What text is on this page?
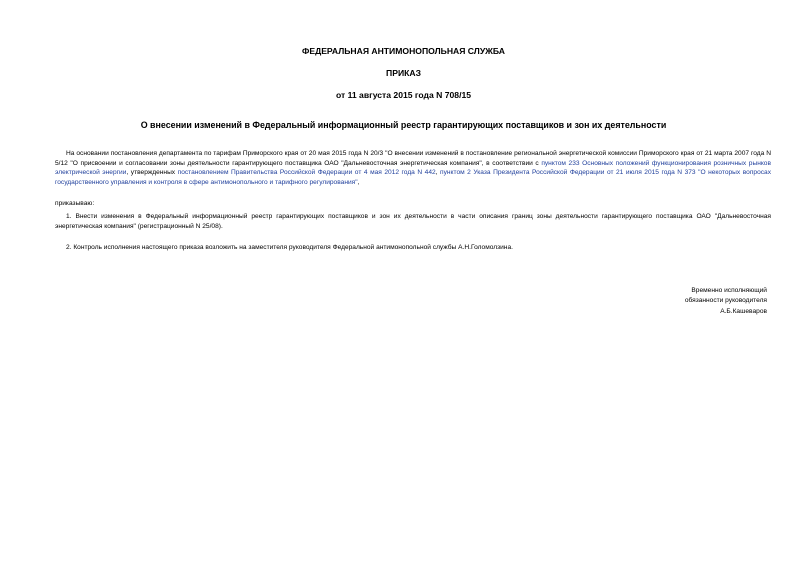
ФЕДЕРАЛЬНАЯ АНТИМОНОПОЛЬНАЯ СЛУЖБА
ПРИКАЗ
от 11 августа 2015 года N 708/15
О внесении изменений в Федеральный информационный реестр гарантирующих поставщиков и зон их деятельности
На основании постановления департамента по тарифам Приморского края от 20 мая 2015 года N 20/3 "О внесении изменений в постановление региональной энергетической комиссии Приморского края от 21 марта 2007 года N 5/12 "О присвоении и согласовании зоны деятельности гарантирующего поставщика ОАО "Дальневосточная энергетическая компания", в соответствии с пунктом 233 Основных положений функционирования розничных рынков электрической энергии, утвержденных постановлением Правительства Российской Федерации от 4 мая 2012 года N 442, пунктом 2 Указа Президента Российской Федерации от 21 июля 2015 года N 373 "О некоторых вопросах государственного управления и контроля в сфере антимонопольного и тарифного регулирования",
приказываю:
1. Внести изменения в Федеральный информационный реестр гарантирующих поставщиков и зон их деятельности в части описания границ зоны деятельности гарантирующего поставщика ОАО "Дальневосточная энергетическая компания" (регистрационный N 25/08).
2. Контроль исполнения настоящего приказа возложить на заместителя руководителя Федеральной антимонопольной службы А.Н.Голомолзина.
Временно исполняющий
обязанности руководителя
А.Б.Кашеваров
